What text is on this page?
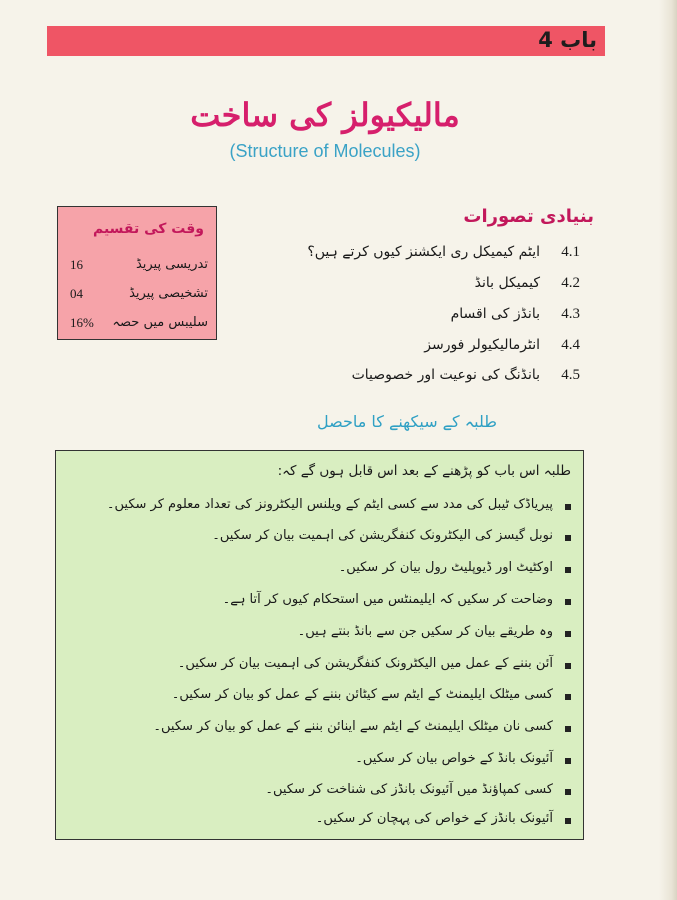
باب 4
مالیکیولز کی ساخت
(Structure of Molecules)
وقت کی تقسیم
تدریسی پیریڈ
16
تشخیصی پیریڈ
04
سلیبس میں حصہ
16%
بنیادی تصورات
4.1
ایٹم کیمیکل ری ایکشنز کیوں کرتے ہیں؟
4.2
کیمیکل بانڈ
4.3
بانڈز کی اقسام
4.4
انٹرمالیکیولر فورسز
4.5
بانڈنگ کی نوعیت اور خصوصیات
طلبہ کے سیکھنے کا ماحصل
طلبہ اس باب کو پڑھنے کے بعد اس قابل ہوں گے کہ:
پیریاڈک ٹیبل کی مدد سے کسی ایٹم کے ویلنس الیکٹرونز کی تعداد معلوم کر سکیں۔
نوبل گیسز کی الیکٹرونک کنفگریشن کی اہمیت بیان کر سکیں۔
اوکٹیٹ اور ڈیوپلیٹ رول بیان کر سکیں۔
وضاحت کر سکیں کہ ایلیمنٹس میں استحکام کیوں کر آتا ہے۔
وہ طریقے بیان کر سکیں جن سے بانڈ بنتے ہیں۔
آئن بننے کے عمل میں الیکٹرونک کنفگریشن کی اہمیت بیان کر سکیں۔
کسی میٹلک ایلیمنٹ کے ایٹم سے کیٹائن بننے کے عمل کو بیان کر سکیں۔
کسی نان میٹلک ایلیمنٹ کے ایٹم سے اینائن بننے کے عمل کو بیان کر سکیں۔
آئیونک بانڈ کے خواص بیان کر سکیں۔
کسی کمپاؤنڈ میں آئیونک بانڈز کی شناخت کر سکیں۔
آئیونک بانڈز کے خواص کی پہچان کر سکیں۔
